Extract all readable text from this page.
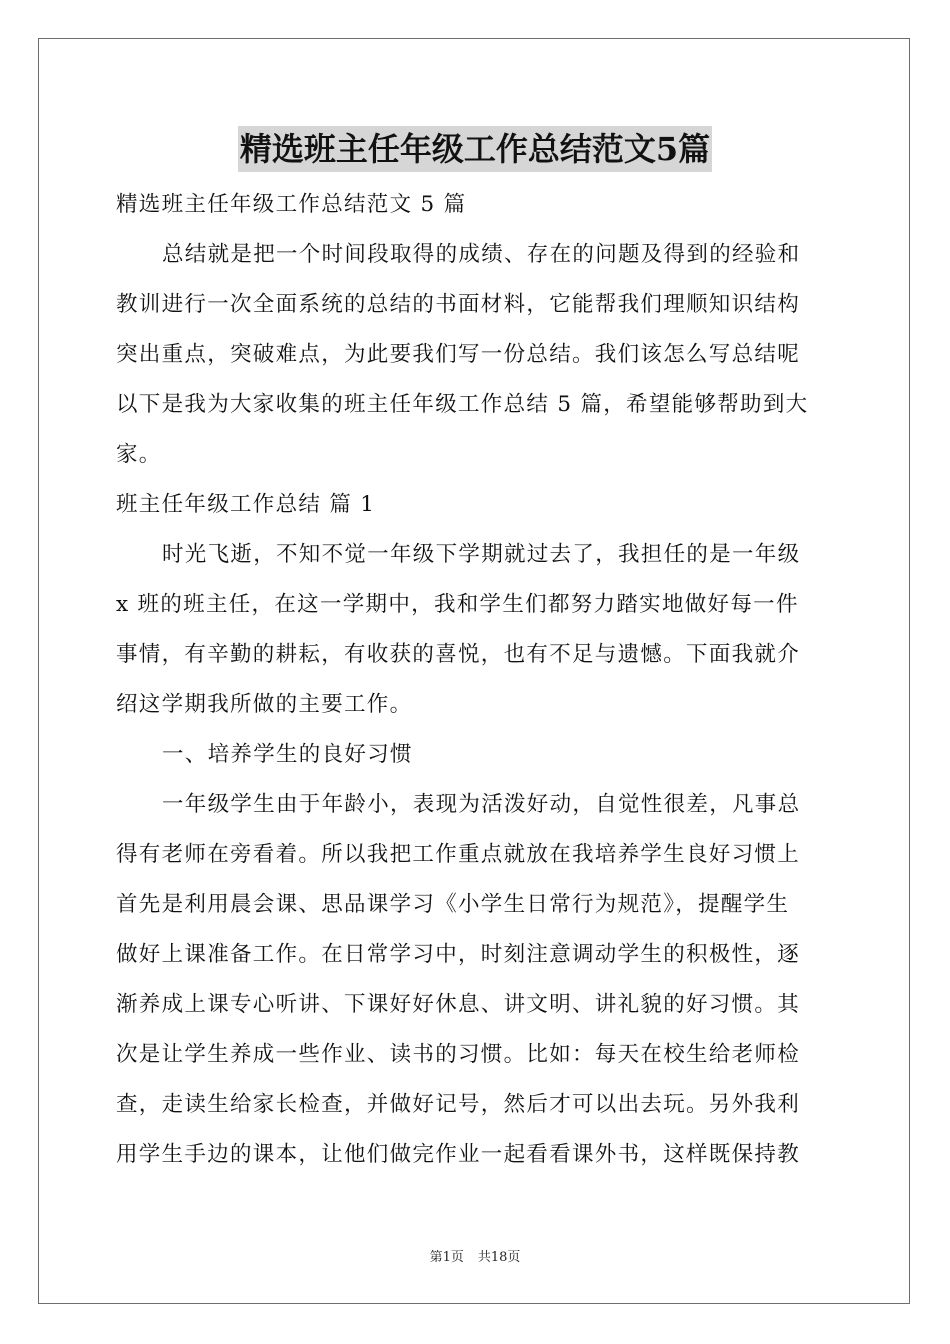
精选班主任年级工作总结范文5篇
精选班主任年级工作总结范文 5 篇
总结就是把一个时间段取得的成绩、存在的问题及得到的经验和
教训进行一次全面系统的总结的书面材料，它能帮我们理顺知识结构
突出重点，突破难点，为此要我们写一份总结。我们该怎么写总结呢
以下是我为大家收集的班主任年级工作总结 5 篇，希望能够帮助到大
家。
班主任年级工作总结 篇 1
时光飞逝，不知不觉一年级下学期就过去了，我担任的是一年级
x 班的班主任，在这一学期中，我和学生们都努力踏实地做好每一件
事情，有辛勤的耕耘，有收获的喜悦，也有不足与遗憾。下面我就介
绍这学期我所做的主要工作。
一、培养学生的良好习惯
一年级学生由于年龄小，表现为活泼好动，自觉性很差，凡事总
得有老师在旁看着。所以我把工作重点就放在我培养学生良好习惯上
首先是利用晨会课、思品课学习《小学生日常行为规范》，提醒学生
做好上课准备工作。在日常学习中，时刻注意调动学生的积极性，逐
渐养成上课专心听讲、下课好好休息、讲文明、讲礼貌的好习惯。其
次是让学生养成一些作业、读书的习惯。比如：每天在校生给老师检
查，走读生给家长检查，并做好记号，然后才可以出去玩。另外我利
用学生手边的课本，让他们做完作业一起看看课外书，这样既保持教
第1页 共18页
